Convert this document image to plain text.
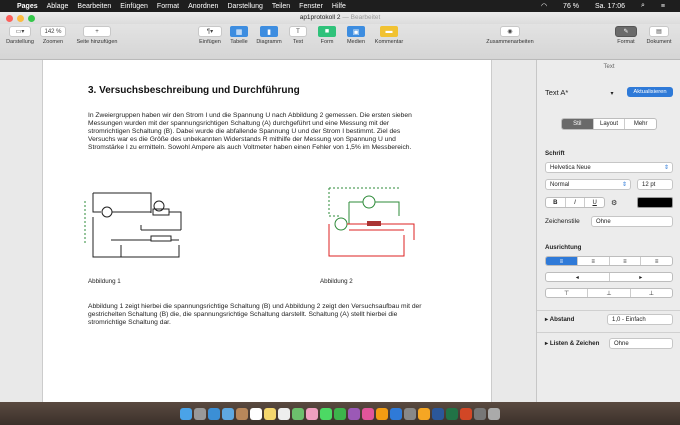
Pages Ablage Bearbeiten Einfügen Format Anordnen Darstellung Teilen Fenster Hilfe	◠ 76 % Sa. 17:06 ⌕ ≡
ap1protokoll 2 — Bearbeitet
▭▾
Darstellung
142 %
Zoomen
+
Seite hinzufügen
¶▾
Einfügen
▦
Tabelle
▮
Diagramm
T
Text
■
Form
▣
Medien
▬
Kommentar
◉
Zusammenarbeiten
✎
Format
▤
Dokument
3. Versuchsbeschreibung und Durchführung
In Zweiergruppen haben wir den Strom I und die Spannung U nach Abbildung 2 gemessen. Die ersten sieben Messungen wurden mit der spannungsrichtigen Schaltung (A) durchgeführt und eine Messung mit der stromrichtigen Schaltung (B). Dabei wurde die abfallende Spannung U und der Strom I bestimmt. Ziel des Versuchs war es die Größe des unbekannten Widerstands R mithilfe der Messung von Spannung U und Stromstärke I zu ermitteln. Sowohl Ampere als auch Voltmeter haben einen Fehler von 1,5% im Messbereich.
Abbildung 1	Abbildung 2
Abbildung 1 zeigt hierbei die spannungsrichtige Schaltung (B) und Abbildung 2 zeigt den Versuchsaufbau mit der gestrichelten Schaltung (B) die, die spannungsrichtige Schaltung darstellt. Schaltung (A) stellt hierbei die stromrichtige Schaltung dar.
Text
Text A*	▾	Aktualisieren
Stil	Layout	Mehr
Schrift
Helvetica Neue	⇕
Normal	⇕	12 pt
B	I	U	⚙
Zeichenstile	Ohne
Ausrichtung
≡	≡	≡	≡
◂	▸
⊤	⊥	⊥
▸ Abstand	1,0 - Einfach
▸ Listen & Zeichen Ohne
